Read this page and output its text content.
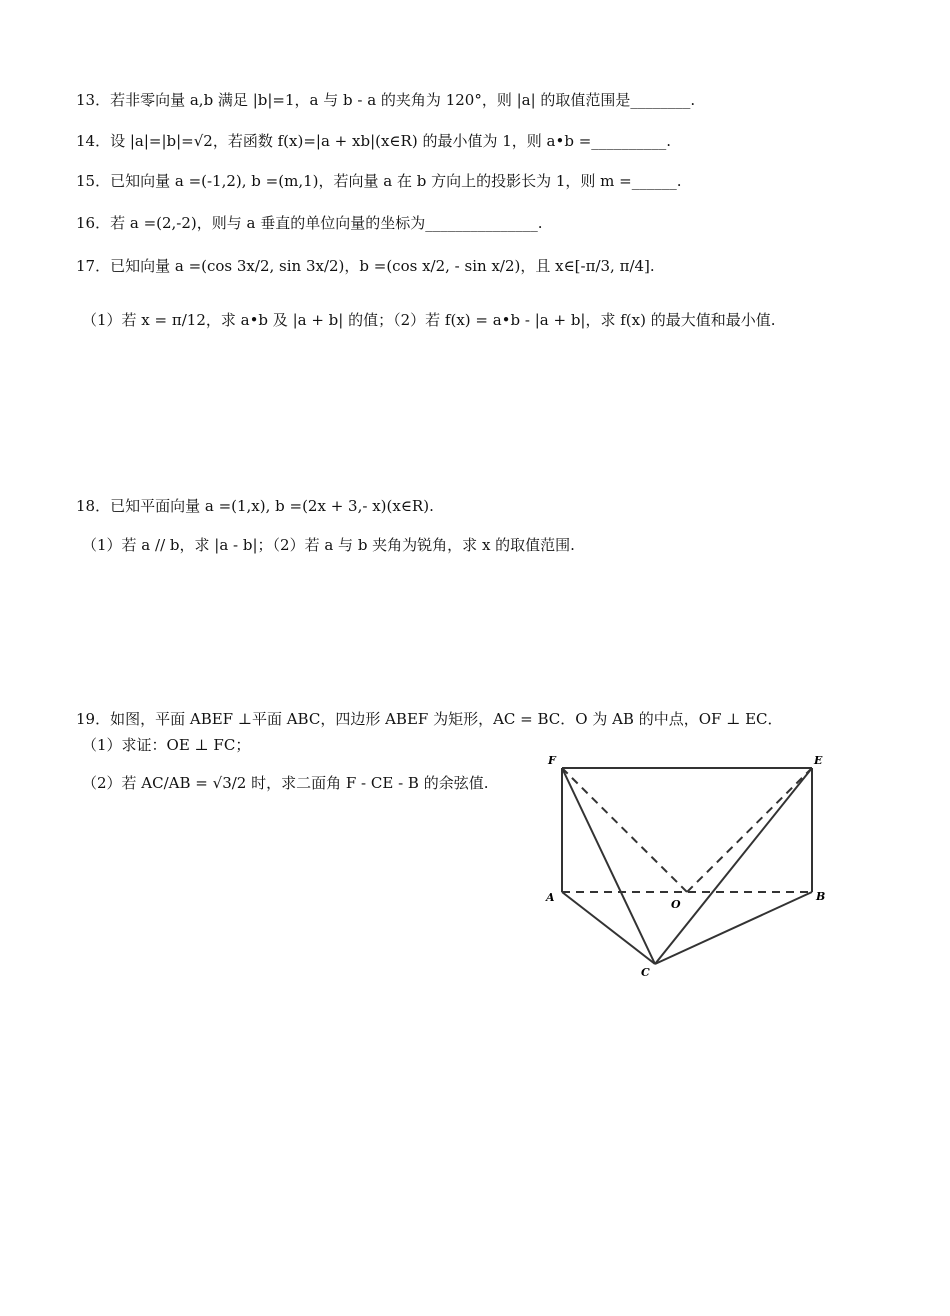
13．若非零向量 a,b 满足 |b|=1，a 与 b - a 的夹角为 120°，则 |a| 的取值范围是________.
14．设 |a|=|b|=√2，若函数 f(x)=|a + xb|(x∈R) 的最小值为 1，则 a•b =__________.
15．已知向量 a =(-1,2), b =(m,1)，若向量 a 在 b 方向上的投影长为 1，则 m =______.
16．若 a =(2,-2)，则与 a 垂直的单位向量的坐标为_______________.
17．已知向量 a =(cos 3x/2, sin 3x/2)，b =(cos x/2, - sin x/2)，且 x∈[-π/3, π/4].
（1）若 x = π/12，求 a•b 及 |a + b| 的值；（2）若 f(x) = a•b - |a + b|，求 f(x) 的最大值和最小值.
18．已知平面向量 a =(1,x), b =(2x + 3,- x)(x∈R).
（1）若 a // b，求 |a - b|；（2）若 a 与 b 夹角为锐角，求 x 的取值范围.
19．如图，平面 ABEF ⊥平面 ABC，四边形 ABEF 为矩形，AC = BC．O 为 AB 的中点，OF ⊥ EC．
（1）求证：OE ⊥ FC；
（2）若 AC/AB = √3/2 时，求二面角 F - CE - B 的余弦值.
F	E
A
O
B
C
